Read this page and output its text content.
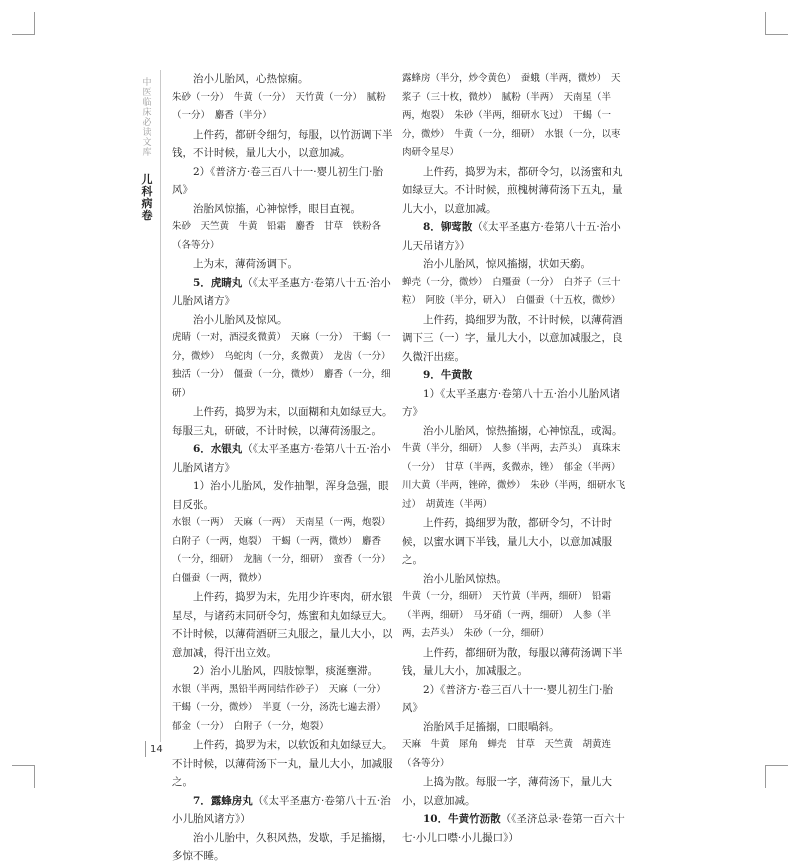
中医临床必读文库
儿科病卷

治小儿胎风，心热惊痫。

朱砂（一分）　牛黄（一分）　天竹黄（一分）　腻粉（一分）　麝香（半分）

上件药，都研令细匀，每服，以竹沥调下半钱，不计时候，量儿大小，以意加减。

2）《普济方·卷三百八十一·婴儿初生门·胎风》

治胎风惊搐，心神惊悸，眼目直视。

朱砂　天竺黄　牛黄　铅霜　麝香　甘草　铁粉各（各等分）

上为末，薄荷汤调下。

5．虎睛丸（《太平圣惠方·卷第八十五·治小儿胎风诸方》

治小儿胎风及惊风。

虎睛（一对，酒浸炙微黄）　天麻（一分）　干蝎（一分，微炒）　乌蛇肉（一分，炙微黄）　龙齿（一分）　独活（一分）　僵蚕（一分，微炒）　麝香（一分，细研）

上件药，捣罗为末，以面糊和丸如绿豆大。每服三丸，研破，不计时候，以薄荷汤服之。

6．水银丸（《太平圣惠方·卷第八十五·治小儿胎风诸方》

1）治小儿胎风，发作抽掣，浑身急强，眼目反张。

水银（一两）　天麻（一两）　天南星（一两，炮裂）　白附子（一两，炮裂）　干蝎（一两，微炒）　麝香（一分，细研）　龙脑（一分，细研）　蛮香（一分）　白僵蚕（一两，微炒）

上件药，捣罗为末，先用少许枣肉，研水银星尽，与诸药末同研令匀，炼蜜和丸如绿豆大。不计时候，以薄荷酒研三丸服之，量儿大小，以意加减，得汗出立效。

2）治小儿胎风，四肢惊掣，痰涎壅滞。

水银（半两，黑铅半两同结作砂子）　天麻（一分）　干蝎（一分，微炒）　半夏（一分，汤洗七遍去滑）　郁金（一分）　白附子（一分，炮裂）

上件药，捣罗为末，以软饭和丸如绿豆大。不计时候，以薄荷汤下一丸，量儿大小，加减服之。

7．露蜂房丸（《太平圣惠方·卷第八十五·治小儿胎风诸方》）

治小儿胎中，久积风热，发歇，手足搐搦，多惊不睡。

露蜂房（半分，炒令黄色）　蚕蛾（半两，微炒）　天浆子（三十枚，微炒）　腻粉（半两）　天南星（半两，炮裂）　朱砂（半两，细研水飞过）　干蝎（一分，微炒）　牛黄（一分，细研）　水银（一分，以枣肉研令星尽）

上件药，捣罗为末，都研令匀，以汤蜜和丸如绿豆大。不计时候，煎槐树薄荷汤下五丸，量儿大小，以意加减。

8．铆莺散（《太平圣惠方·卷第八十五·治小儿天吊诸方》）

治小儿胎风，惊风搐搦，状如天瘹。

蝉壳（一分，微炒）　白殭蚕（一分）　白芥子（三十粒）　阿胶（半分，研入）　白僵蚕（十五枚，微炒）

上件药，捣细罗为散，不计时候，以薄荷酒调下三（一）字，量儿大小，以意加减服之，良久微汗出瘥。

9．牛黄散

1）《太平圣惠方·卷第八十五·治小儿胎风诸方》

治小儿胎风，惊热搐搦，心神惊乱，或渴。

牛黄（半分，细研）　人参（半两，去芦头）　真珠末（一分）　甘草（半两，炙微赤，锉）　郁金（半两）　川大黄（半两，锉碎，微炒）　朱砂（半两，细研水飞过）　胡黄连（半两）

上件药，捣细罗为散，都研令匀，不计时候，以蜜水调下半钱，量儿大小，以意加减服之。

治小儿胎风惊热。

牛黄（一分，细研）　天竹黄（半两，细研）　铅霜（半两，细研）　马牙硝（一两，细研）　人参（半两，去芦头）　朱砂（一分，细研）

上件药，都细研为散，每服以薄荷汤调下半钱，量儿大小，加减服之。

2）《普济方·卷三百八十一·婴儿初生门·胎风》

治胎风手足搐搦，口眼喎斜。

天麻　牛黄　犀角　蝉壳　甘草　天竺黄　胡黄连（各等分）

上捣为散。每服一字，薄荷汤下，量儿大小，以意加减。

10．牛黄竹沥散（《圣济总录·卷第一百六十七·小儿口噤·小儿撮口》）

14
